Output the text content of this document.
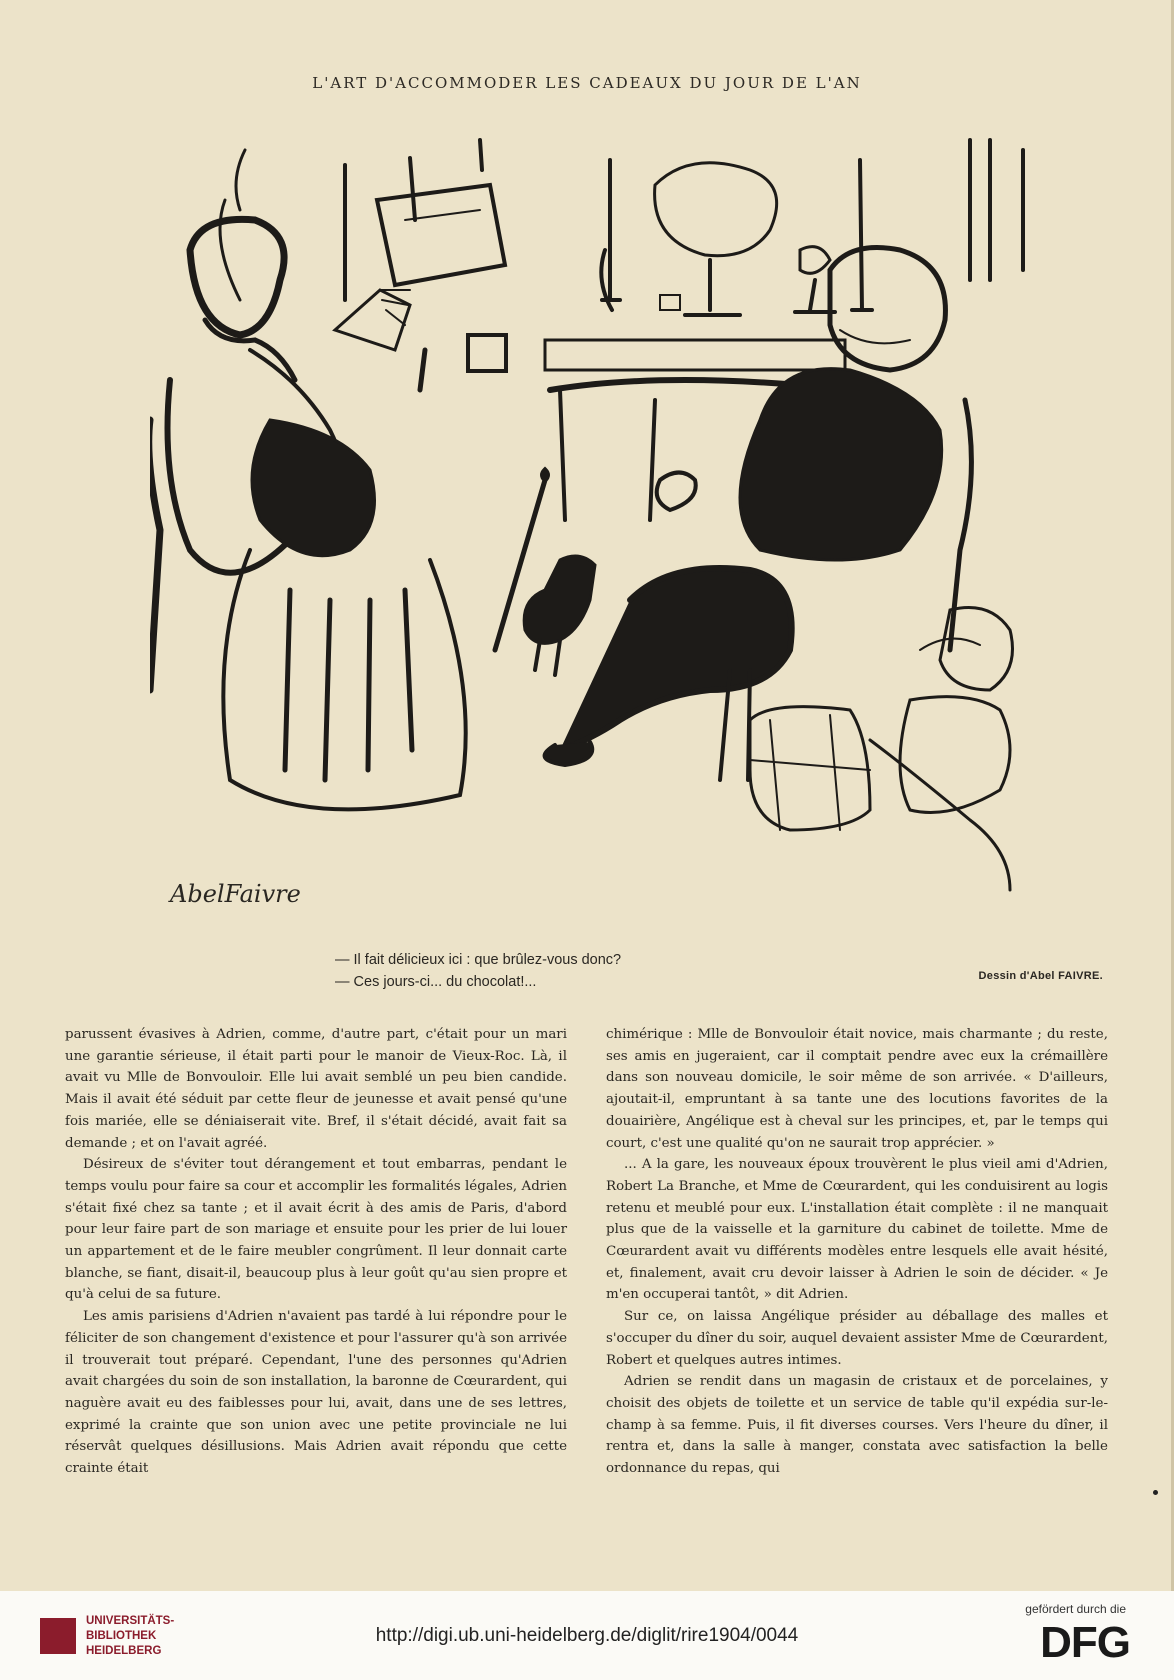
L'ART D'ACCOMMODER LES CADEAUX DU JOUR DE L'AN
AbelFaivre
— Il fait délicieux ici : que brûlez-vous donc?
— Ces jours-ci... du chocolat!...	Dessin d'Abel FAIVRE.

parussent évasives à Adrien, comme, d'autre part, c'était pour un mari une garantie sérieuse, il était parti pour le manoir de Vieux-Roc. Là, il avait vu Mlle de Bonvouloir. Elle lui avait semblé un peu bien candide. Mais il avait été séduit par cette fleur de jeunesse et avait pensé qu'une fois mariée, elle se déniaiserait vite. Bref, il s'était décidé, avait fait sa demande ; et on l'avait agréé.

Désireux de s'éviter tout dérangement et tout embarras, pendant le temps voulu pour faire sa cour et accomplir les formalités légales, Adrien s'était fixé chez sa tante ; et il avait écrit à des amis de Paris, d'abord pour leur faire part de son mariage et ensuite pour les prier de lui louer un appartement et de le faire meubler congrûment. Il leur donnait carte blanche, se fiant, disait-il, beaucoup plus à leur goût qu'au sien propre et qu'à celui de sa future.

Les amis parisiens d'Adrien n'avaient pas tardé à lui répondre pour le féliciter de son changement d'existence et pour l'assurer qu'à son arrivée il trouverait tout préparé. Cependant, l'une des personnes qu'Adrien avait chargées du soin de son installation, la baronne de Cœurardent, qui naguère avait eu des faiblesses pour lui, avait, dans une de ses lettres, exprimé la crainte que son union avec une petite provinciale ne lui réservât quelques désillusions. Mais Adrien avait répondu que cette crainte était

chimérique : Mlle de Bonvouloir était novice, mais charmante ; du reste, ses amis en jugeraient, car il comptait pendre avec eux la crémaillère dans son nouveau domicile, le soir même de son arrivée. « D'ailleurs, ajoutait-il, empruntant à sa tante une des locutions favorites de la douairière, Angélique est à cheval sur les principes, et, par le temps qui court, c'est une qualité qu'on ne saurait trop apprécier. »

... A la gare, les nouveaux époux trouvèrent le plus vieil ami d'Adrien, Robert La Branche, et Mme de Cœurardent, qui les conduisirent au logis retenu et meublé pour eux. L'installation était complète : il ne manquait plus que de la vaisselle et la garniture du cabinet de toilette. Mme de Cœurardent avait vu différents modèles entre lesquels elle avait hésité, et, finalement, avait cru devoir laisser à Adrien le soin de décider. « Je m'en occuperai tantôt, » dit Adrien.

Sur ce, on laissa Angélique présider au déballage des malles et s'occuper du dîner du soir, auquel devaient assister Mme de Cœurardent, Robert et quelques autres intimes.

Adrien se rendit dans un magasin de cristaux et de porcelaines, y choisit des objets de toilette et un service de table qu'il expédia sur-le-champ à sa femme. Puis, il fit diverses courses. Vers l'heure du dîner, il rentra et, dans la salle à manger, constata avec satisfaction la belle ordonnance du repas, qui

UNIVERSITÄTS-
BIBLIOTHEK
HEIDELBERG
http://digi.ub.uni-heidelberg.de/diglit/rire1904/0044
gefördert durch die
DFG
